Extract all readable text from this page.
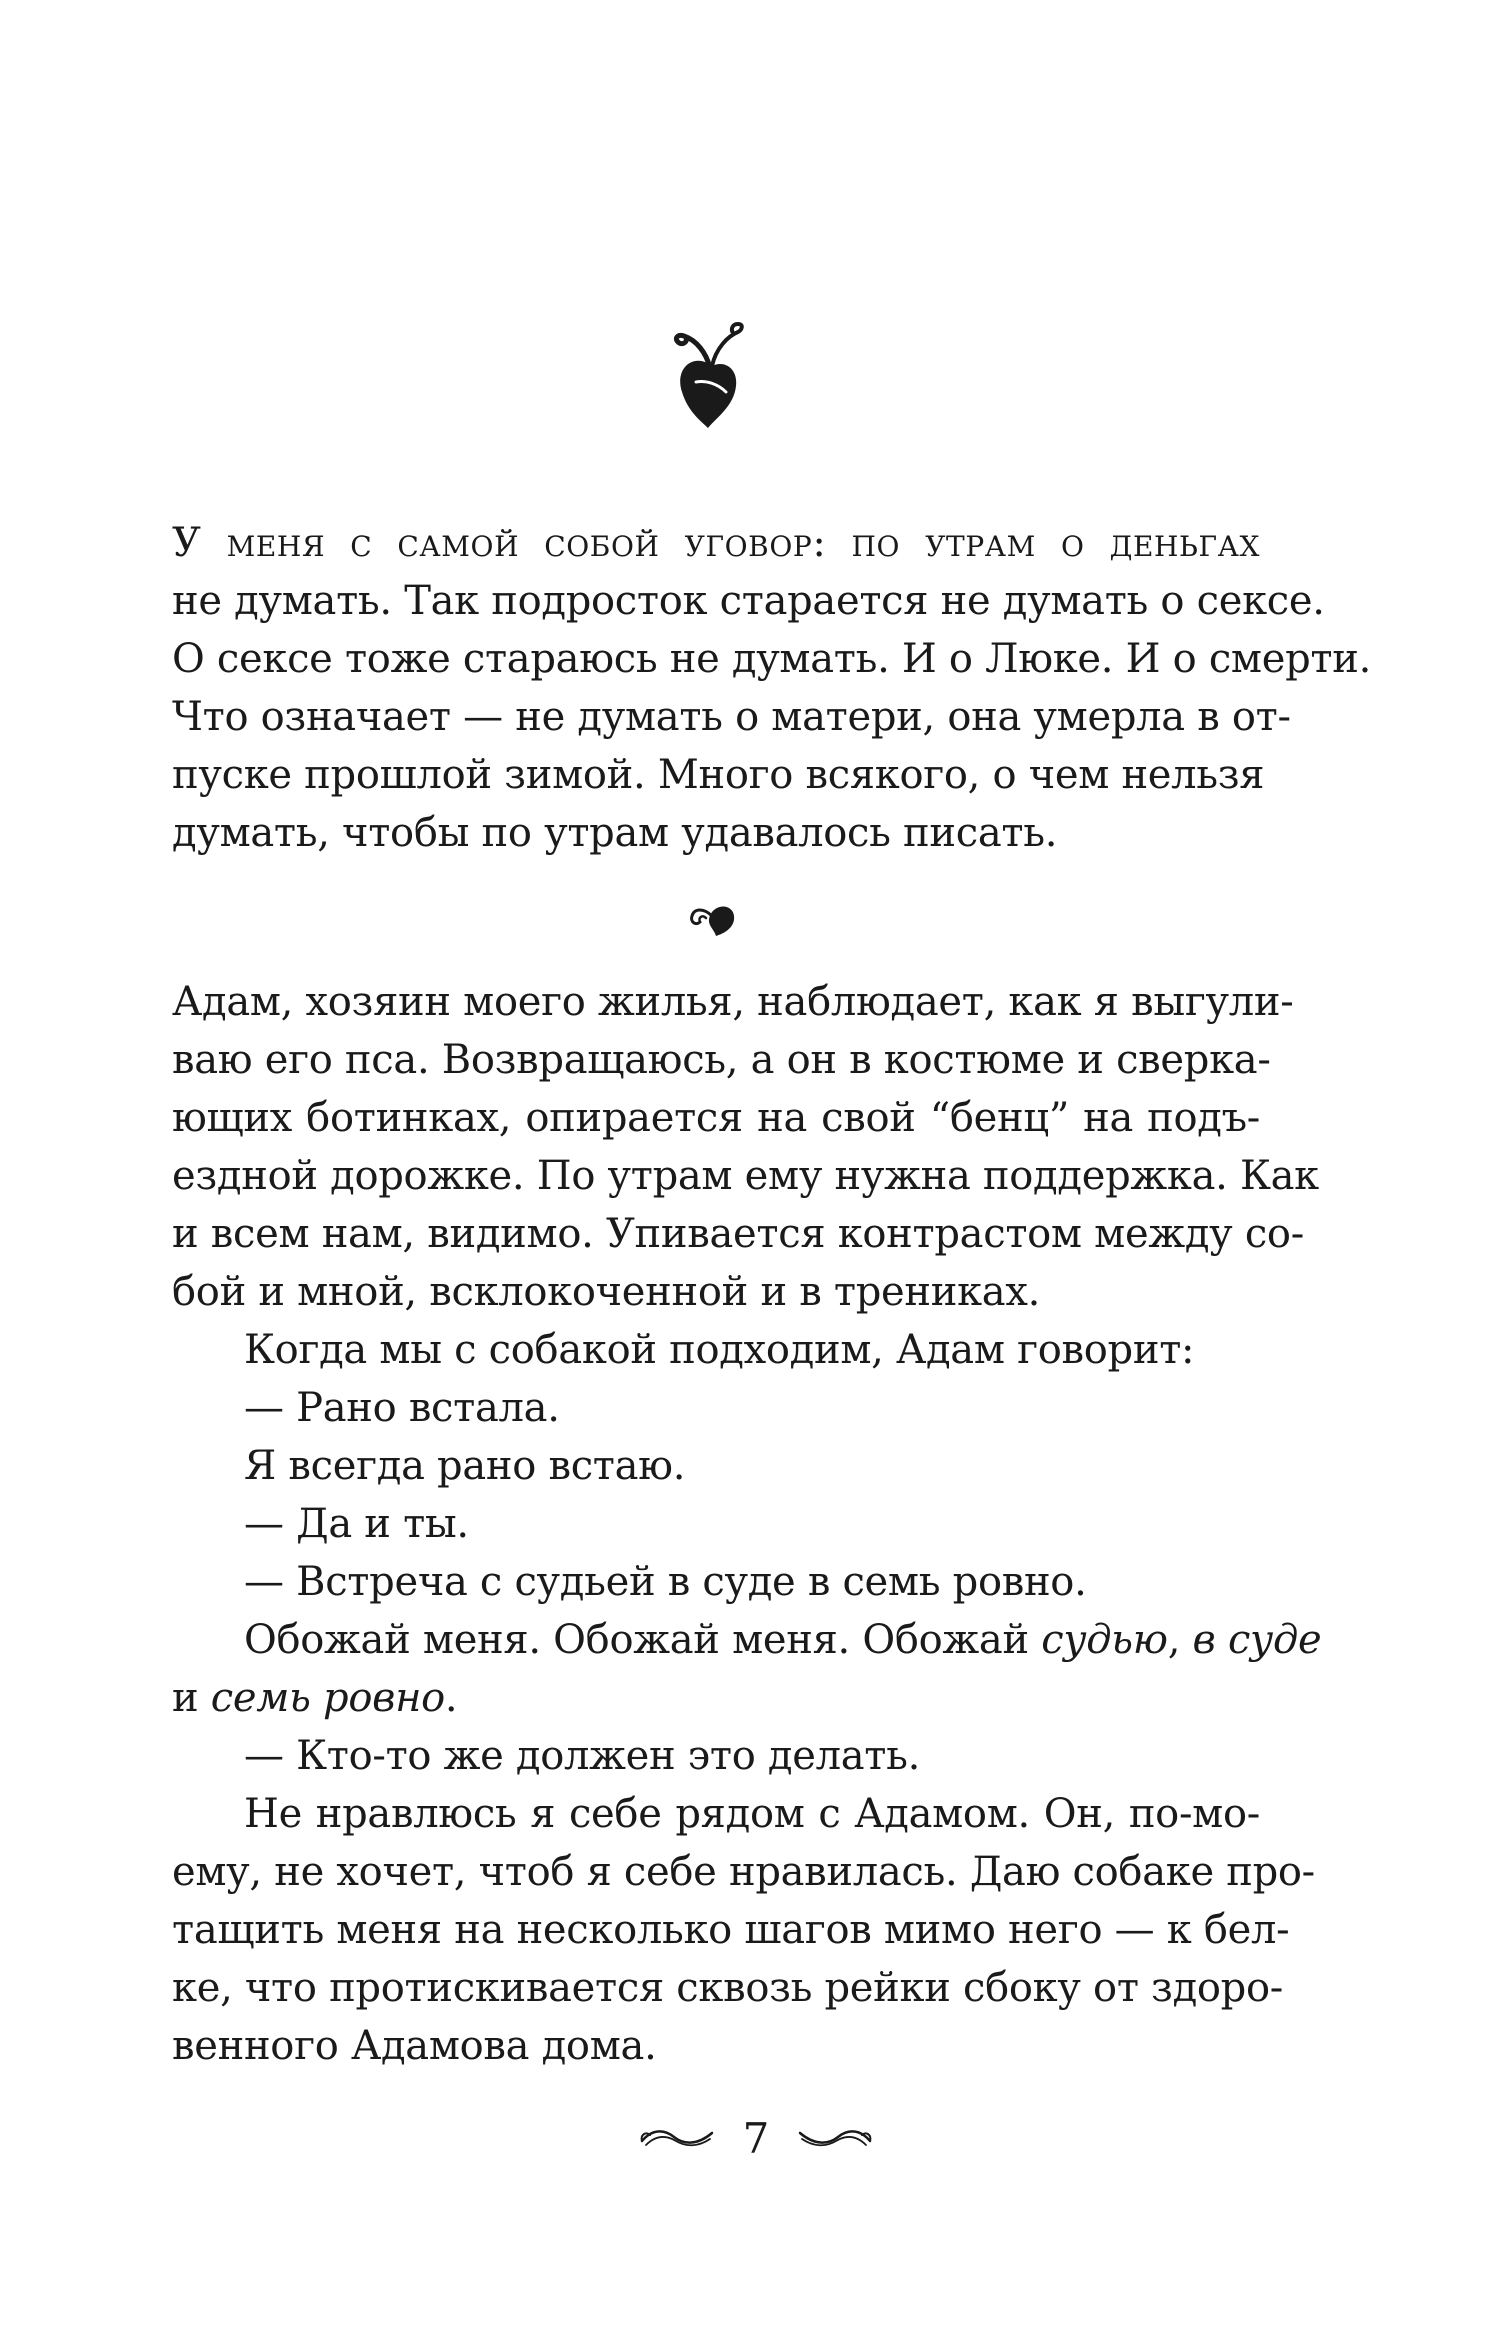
У меня с самой собой уговор: по утрам о деньгах
не думать. Так подросток старается не думать о сексе.
О сексе тоже стараюсь не думать. И о Люке. И о смерти.
Что означает — не думать о матери, она умерла в от-
пуске прошлой зимой. Много всякого, о чем нельзя
думать, чтобы по утрам удавалось писать.
Адам, хозяин моего жилья, наблюдает, как я выгули-
ваю его пса. Возвращаюсь, а он в костюме и сверка-
ющих ботинках, опирается на свой “бенц” на подъ-
ездной дорожке. По утрам ему нужна поддержка. Как
и всем нам, видимо. Упивается контрастом между со-
бой и мной, всклокоченной и в трениках.
Когда мы с собакой подходим, Адам говорит:
— Рано встала.
Я всегда рано встаю.
— Да и ты.
— Встреча с судьей в суде в семь ровно.
Обожай меня. Обожай меня. Обожай судью, в суде
и семь ровно.
— Кто-то же должен это делать.
Не нравлюсь я себе рядом с Адамом. Он, по-мо-
ему, не хочет, чтоб я себе нравилась. Даю собаке про-
тащить меня на несколько шагов мимо него — к бел-
ке, что протискивается сквозь рейки сбоку от здоро-
венного Адамова дома.
7
